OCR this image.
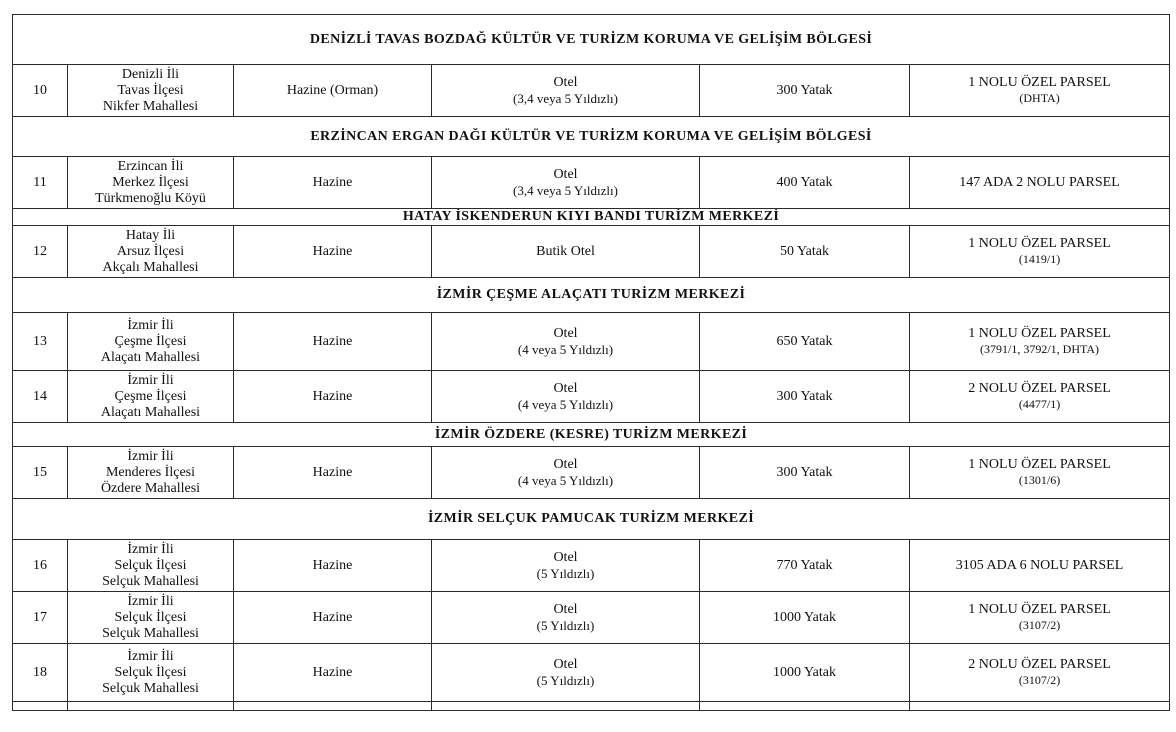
DENİZLİ TAVAS BOZDAĞ KÜLTÜR VE TURİZM KORUMA VE GELİŞİM BÖLGESİ					
10	Denizli İli
Tavas İlçesi
Nikfer Mahallesi	Hazine (Orman)	Otel
(3,4 veya 5 Yıldızlı)	300 Yatak	1 NOLU ÖZEL PARSEL
(DHTA)

ERZİNCAN ERGAN DAĞI KÜLTÜR VE TURİZM KORUMA VE GELİŞİM BÖLGESİ					
11	Erzincan İli
Merkez İlçesi
Türkmenoğlu Köyü	Hazine	Otel
(3,4 veya 5 Yıldızlı)	400 Yatak	147 ADA 2 NOLU PARSEL

HATAY İSKENDERUN KIYI BANDI TURİZM MERKEZİ					
12	Hatay İli
Arsuz İlçesi
Akçalı Mahallesi	Hazine	Butik Otel	50 Yatak	1 NOLU ÖZEL PARSEL
(1419/1)

İZMİR ÇEŞME ALAÇATI TURİZM MERKEZİ					
13	İzmir İli
Çeşme İlçesi
Alaçatı Mahallesi	Hazine	Otel
(4 veya 5 Yıldızlı)	650 Yatak	1 NOLU ÖZEL PARSEL
(3791/1, 3792/1, DHTA)

14	İzmir İli
Çeşme İlçesi
Alaçatı Mahallesi	Hazine	Otel
(4 veya 5 Yıldızlı)	300 Yatak	2 NOLU ÖZEL PARSEL
(4477/1)

İZMİR ÖZDERE (KESRE) TURİZM MERKEZİ					
15	İzmir İli
Menderes İlçesi
Özdere Mahallesi	Hazine	Otel
(4 veya 5 Yıldızlı)	300 Yatak	1 NOLU ÖZEL PARSEL
(1301/6)

İZMİR SELÇUK PAMUCAK TURİZM MERKEZİ					
16	İzmir İli
Selçuk İlçesi
Selçuk Mahallesi	Hazine	Otel
(5 Yıldızlı)	770 Yatak	3105 ADA 6 NOLU PARSEL

17	İzmir İli
Selçuk İlçesi
Selçuk Mahallesi	Hazine	Otel
(5 Yıldızlı)	1000 Yatak	1 NOLU ÖZEL PARSEL
(3107/2)

18	İzmir İli
Selçuk İlçesi
Selçuk Mahallesi	Hazine	Otel
(5 Yıldızlı)	1000 Yatak	2 NOLU ÖZEL PARSEL
(3107/2)
